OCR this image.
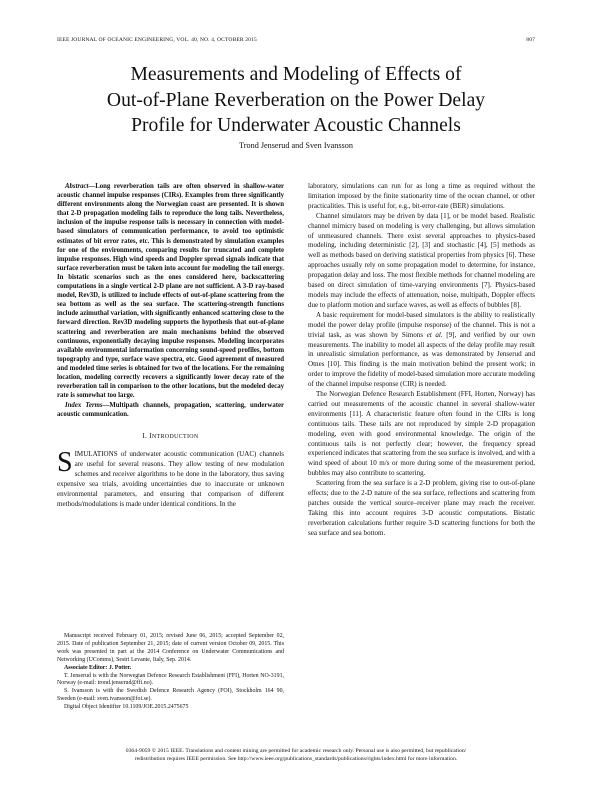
IEEE JOURNAL OF OCEANIC ENGINEERING, VOL. 40, NO. 4, OCTOBER 2015	807
Measurements and Modeling of Effects of
Out-of-Plane Reverberation on the Power Delay
Profile for Underwater Acoustic Channels
Trond Jenserud and Sven Ivansson
Abstract—Long reverberation tails are often observed in shallow-water acoustic channel impulse responses (CIRs). Examples from three significantly different environments along the Norwegian coast are presented. It is shown that 2-D propagation modeling fails to reproduce the long tails. Nevertheless, inclusion of the impulse response tails is necessary in connection with model-based simulators of communication performance, to avoid too optimistic estimates of bit error rates, etc. This is demonstrated by simulation examples for one of the environments, comparing results for truncated and complete impulse responses. High wind speeds and Doppler spread signals indicate that surface reverberation must be taken into account for modeling the tail energy. In bistatic scenarios such as the ones considered here, backscattering computations in a single vertical 2-D plane are not sufficient. A 3-D ray-based model, Rev3D, is utilized to include effects of out-of-plane scattering from the sea bottom as well as the sea surface. The scattering-strength functions include azimuthal variation, with significantly enhanced scattering close to the forward direction. Rev3D modeling supports the hypothesis that out-of-plane scattering and reverberation are main mechanisms behind the observed continuous, exponentially decaying impulse responses. Modeling incorporates available environmental information concerning sound-speed profiles, bottom topography and type, surface wave spectra, etc. Good agreement of measured and modeled time series is obtained for two of the locations. For the remaining location, modeling correctly recovers a significantly lower decay rate of the reverberation tail in comparison to the other locations, but the modeled decay rate is somewhat too large.
Index Terms—Multipath channels, propagation, scattering, underwater acoustic communication.
I. INTRODUCTION
S IMULATIONS of underwater acoustic communication (UAC) channels are useful for several reasons. They allow testing of new modulation schemes and receiver algorithms to be done in the laboratory, thus saving expensive sea trials, avoiding uncertainties due to inaccurate or unknown environmental parameters, and ensuring that comparison of different methods/modulations is made under identical conditions. In the

Manuscript received February 01, 2015; revised June 06, 2015; accepted September 02, 2015. Date of publication September 21, 2015; date of current version October 09, 2015. This work was presented in part at the 2014 Conference on Underwater Communications and Networking (UComms), Sestri Levante, Italy, Sep. 2014.

Associate Editor: J. Potter.

T. Jenserud is with the Norwegian Defence Research Establishment (FFI), Horten NO-3191, Norway (e-mail: trond.jenserud@ffi.no).

S. Ivansson is with the Swedish Defence Research Agency (FOI), Stockholm 164 90, Sweden (e-mail: sven.ivansson@foi.se).

Digital Object Identifier 10.1109/JOE.2015.2475675

laboratory, simulations can run for as long a time as required without the limitation imposed by the finite stationarity time of the ocean channel, or other practicalities. This is useful for, e.g., bit-error-rate (BER) simulations.

Channel simulators may be driven by data [1], or be model based. Realistic channel mimicry based on modeling is very challenging, but allows simulation of unmeasured channels. There exist several approaches to physics-based modeling, including deterministic [2], [3] and stochastic [4], [5] methods as well as methods based on deriving statistical properties from physics [6]. These approaches usually rely on some propagation model to determine, for instance, propagation delay and loss. The most flexible methods for channel modeling are based on direct simulation of time-varying environments [7]. Physics-based models may include the effects of attenuation, noise, multipath, Doppler effects due to platform motion and surface waves, as well as effects of bubbles [8].

A basic requirement for model-based simulators is the ability to realistically model the power delay profile (impulse response) of the channel. This is not a trivial task, as was shown by Simons et al. [9], and verified by our own measurements. The inability to model all aspects of the delay profile may result in unrealistic simulation performance, as was demonstrated by Jenserud and Otnes [10]. This finding is the main motivation behind the present work; in order to improve the fidelity of model-based simulation more accurate modeling of the channel impulse response (CIR) is needed.

The Norwegian Defence Research Establishment (FFI, Horten, Norway) has carried out measurements of the acoustic channel in several shallow-water environments [11]. A characteristic feature often found in the CIRs is long continuous tails. These tails are not reproduced by simple 2-D propagation modeling, even with good environmental knowledge. The origin of the continuous tails is not perfectly clear; however, the frequency spread experienced indicates that scattering from the sea surface is involved, and with a wind speed of about 10 m/s or more during some of the measurement period, bubbles may also contribute to scattering.

Scattering from the sea surface is a 2-D problem, giving rise to out-of-plane effects; due to the 2-D nature of the sea surface, reflections and scattering from patches outside the vertical source–receiver plane may reach the receiver. Taking this into account requires 3-D acoustic computations. Bistatic reverberation calculations further require 3-D scattering functions for both the sea surface and sea bottom.

0364-9059 © 2015 IEEE. Translations and content mining are permitted for academic research only. Personal use is also permitted, but republication/
redistribution requires IEEE permission. See http://www.ieee.org/publications_standards/publications/rights/index.html for more information.
